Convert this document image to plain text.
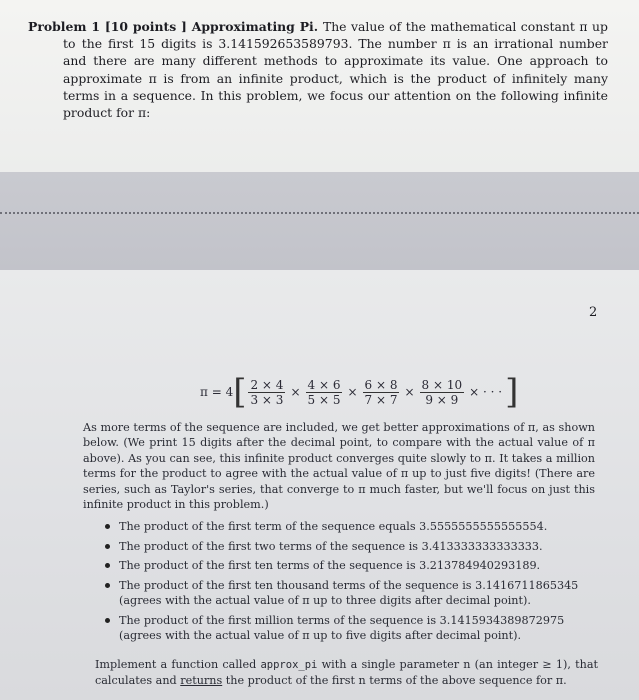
Problem 1 [10 points ] Approximating Pi. The value of the mathematical constant π up to the first 15 digits is 3.141592653589793. The number π is an irrational number and there are many different methods to approximate its value. One approach to approximate π is from an infinite product, which is the product of infinitely many terms in a sequence. In this problem, we focus our attention on the following infinite product for π:
2
π = 4 [ $\frac{2 \times 4}{3 \times 3} \times \frac{4 \times 6}{5 \times 5} \times \frac{6 \times 8}{7 \times 7} \times \frac{8 \times 10}{9 \times 9}$ × · · · ]
As more terms of the sequence are included, we get better approximations of π, as shown below. (We print 15 digits after the decimal point, to compare with the actual value of π above). As you can see, this infinite product converges quite slowly to π. It takes a million terms for the product to agree with the actual value of π up to just five digits! (There are series, such as Taylor's series, that converge to π much faster, but we'll focus on just this infinite product in this problem.)
The product of the first term of the sequence equals 3.5555555555555554.
The product of the first two terms of the sequence is 3.413333333333333.
The product of the first ten terms of the sequence is 3.213784940293189.
The product of the first ten thousand terms of the sequence is 3.1416711865345 (agrees with the actual value of π up to three digits after decimal point).
The product of the first million terms of the sequence is 3.1415934389872975 (agrees with the actual value of π up to five digits after decimal point).
Implement a function called approx_pi with a single parameter n (an integer ≥ 1), that calculates and returns the product of the first n terms of the above sequence for π.
